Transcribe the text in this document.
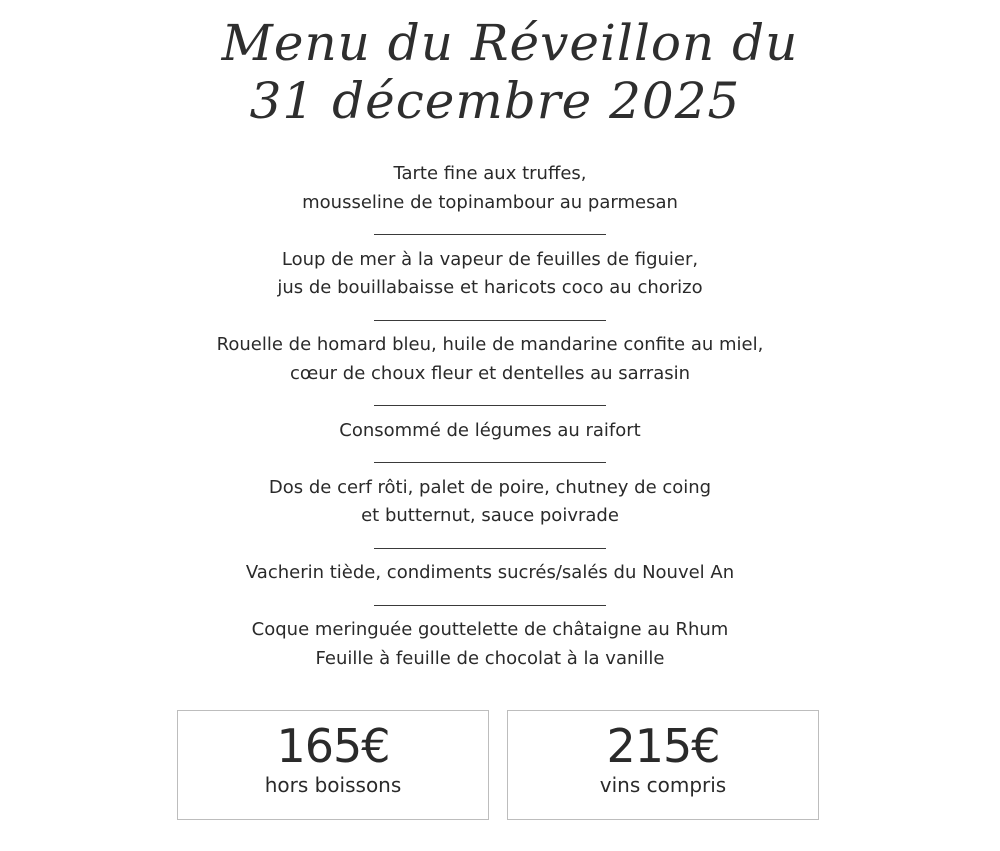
Menu du Réveillon du
31 décembre 2025
Tarte fine aux truffes,
mousseline de topinambour au parmesan
Loup de mer à la vapeur de feuilles de figuier,
jus de bouillabaisse et haricots coco au chorizo
Rouelle de homard bleu, huile de mandarine confite au miel,
cœur de choux fleur et dentelles au sarrasin
Consommé de légumes au raifort
Dos de cerf rôti, palet de poire, chutney de coing
et butternut, sauce poivrade
Vacherin tiède, condiments sucrés/salés du Nouvel An
Coque meringuée gouttelette de châtaigne au Rhum
Feuille à feuille de chocolat à la vanille
165€
hors boissons
215€
vins compris
